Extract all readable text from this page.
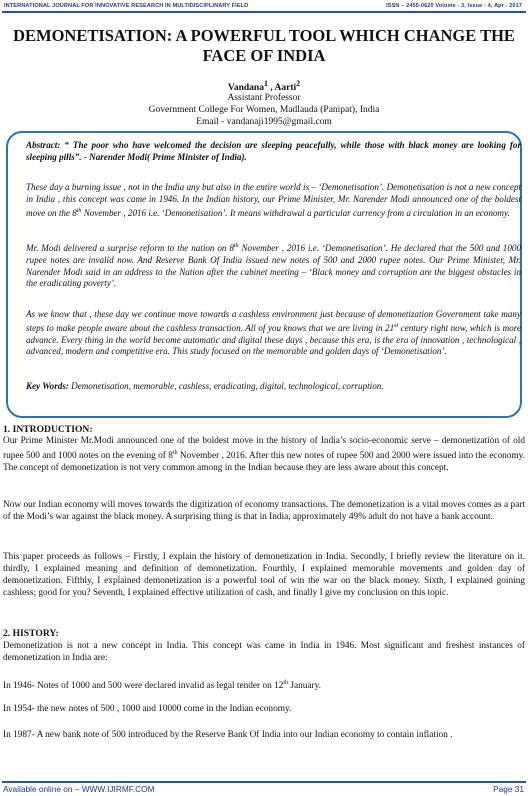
INTERNATIONAL JOURNAL FOR INNOVATIVE RESEARCH IN MULTIDISCIPLINARY FIELD	ISSN – 2455-0620 Volume - 3, Issue - 4, Apr - 2017
DEMONETISATION: A POWERFUL TOOL WHICH CHANGE THE FACE OF INDIA
Vandana$^1$ , Aarti$^2$
Assistant Professor
Government College For Women, Madlauda (Panipat), India
Email - vandanaji1995@gmail.com
Abstract: “ The poor who have welcomed the decision are sleeping peacefully, while those with black money are looking for sleeping pills”. - Narender Modi( Prime Minister of India).
These day a burning issue , not in the India any but also in the entire world is – ‘Demonetisation’. Demonetisation is not a new concept in India , this concept was came in 1946. In the Indian history, our Prime Minister, Mr. Narender Modi announced one of the boldest move on the 8th November , 2016 i.e. ‘Demonetisation’. It means withdrawal a particular currency from a circulation in an economy.
Mr. Modi delivered a surprise reform to the nation on 8th November , 2016 i.e. ‘Demonetisation’. He declared that the 500 and 1000 rupee notes are invalid now. And Reserve Bank Of India issued new notes of 500 and 2000 rupee notes. Our Prime Minister, Mr. Narender Modi said in an address to the Nation after the cabinet meeting – ‘Black money and corruption are the biggest obstacles in the eradicating poverty’.
As we know that , these day we continue move towards a cashless environment just because of demonetization Government take many steps to make people aware about the cashless transaction. All of you knows that we are living in 21st century right now, which is more advance. Every thing in the world become automatic and digital these days , because this era, is the era of innovation , technological , advanced, modern and competitive era. This study focused on the memorable and golden days of ‘Demonetisation’.
Key Words: Demonetisation, memorable, cashless, eradicating, digital, technological, corruption.
1. INTRODUCTION:
Our Prime Minister Mr.Modi announced one of the boldest move in the history of India’s socio-economic serve – demonetization of old rupee 500 and 1000 notes on the evening of 8th November , 2016. After this new notes of rupee 500 and 2000 were issued into the economy. The concept of demonetization is not very common among in the Indian because they are less aware about this concept.
Now our Indian economy will moves towards the digitization of economy transactions. The demonetization is a vital moves comes as a part of the Modi’s war against the black money. A surprising thing is that in India, approximately 49% adult do not have a bank account.
This paper proceeds as follows – Firstly, I explain the history of demonetization in India. Secondly, I briefly review the literature on it. thirdly, I explained meaning and definition of demonetization. Fourthly, I explained memorable movements and golden day of demonetization. Fifthly, I explained demonetization is a powerful tool of win the war on the black money. Sixth, I explained goining cashless; good for you? Seventh, I explained effective utilization of cash, and finally I give my conclusion on this topic.
2. HISTORY:
Demonetization is not a new concept in India. This concept was came in India in 1946. Most significant and freshest instances of demonetization in India are:
In 1946- Notes of 1000 and 500 were declared invalid as legal tender on 12th January.
In 1954- the new notes of 500 , 1000 and 10000 come in the Indian economy.
In 1987- A new bank note of 500 introduced by the Reserve Bank Of India into our Indian economy to contain inflation .
Available online on – WWW.IJIRMF.COM	Page 31
